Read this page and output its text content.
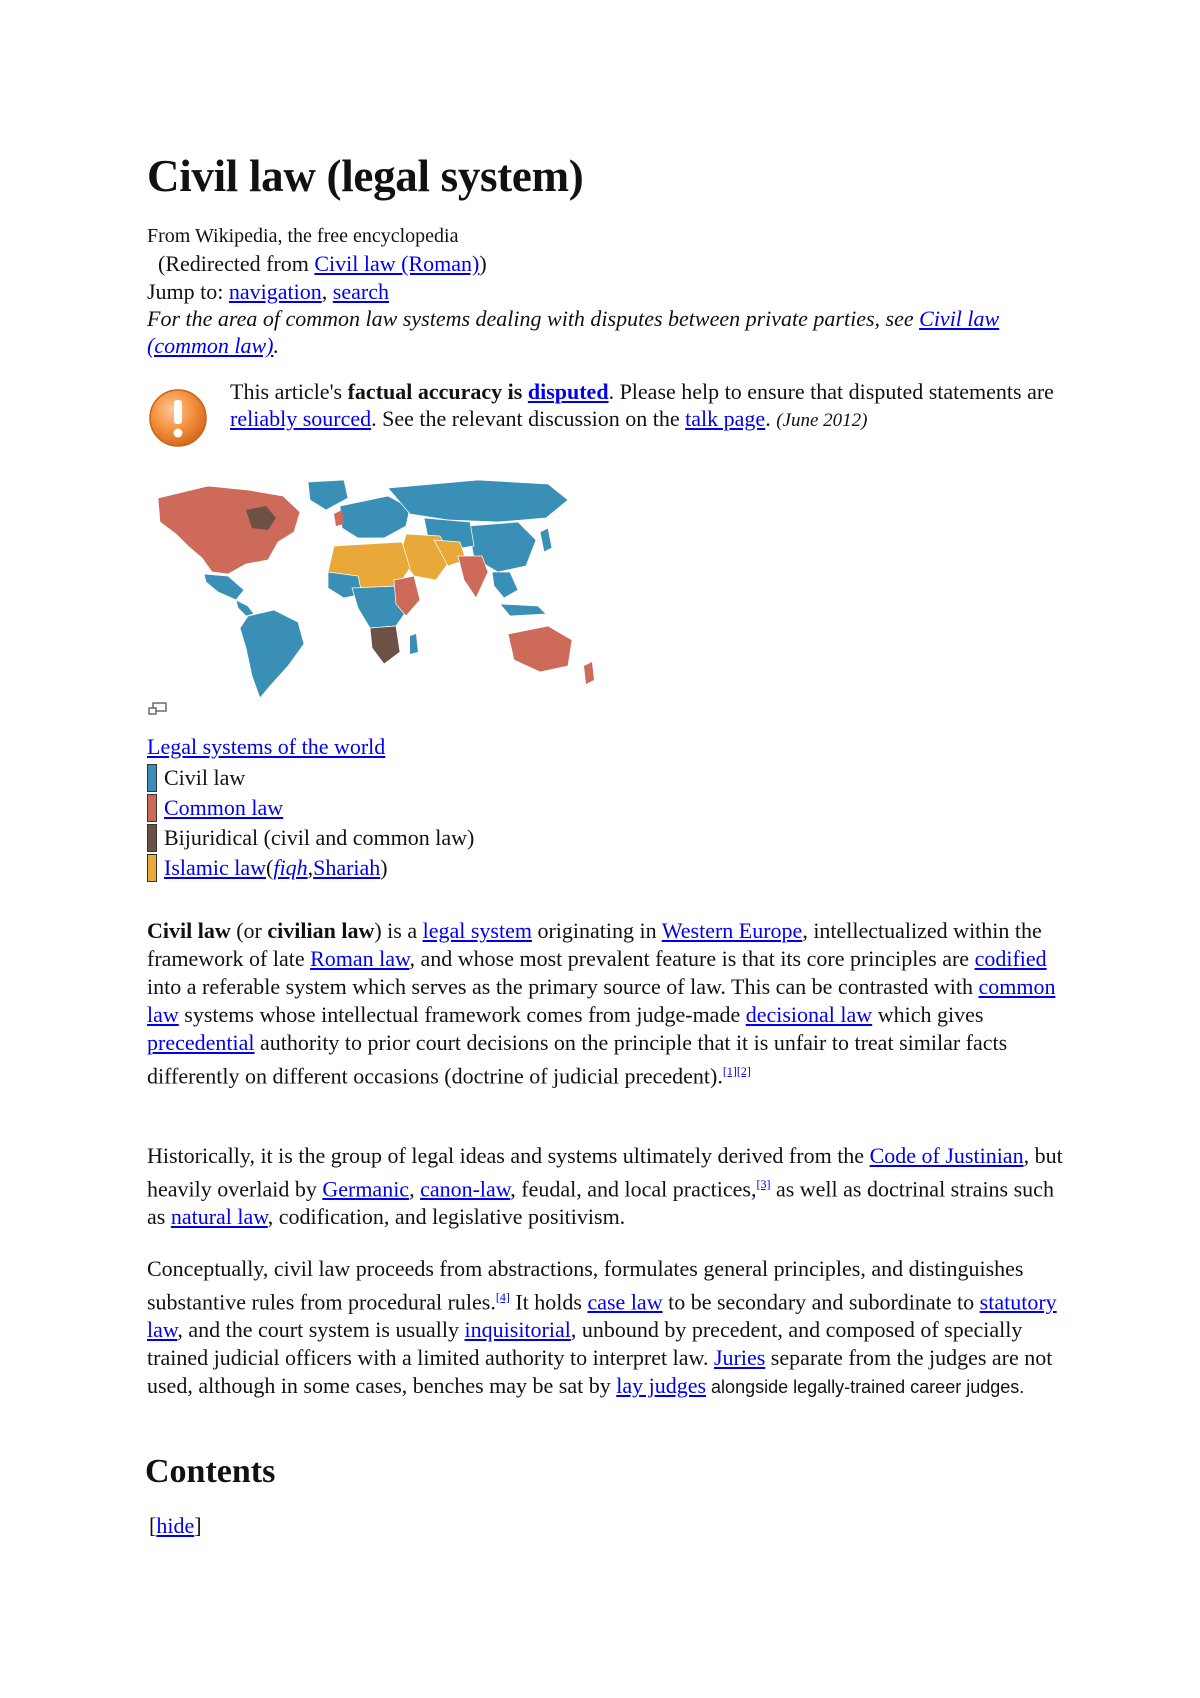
Civil law (legal system)
From Wikipedia, the free encyclopedia
(Redirected from Civil law (Roman))
Jump to: navigation, search
For the area of common law systems dealing with disputes between private parties, see Civil law (common law).
This article's factual accuracy is disputed. Please help to ensure that disputed statements are reliably sourced. See the relevant discussion on the talk page. (June 2012)
Legal systems of the world
Civil law
Common law
Bijuridical (civil and common law)
Islamic law ( fiqh , Shariah )

Civil law (or civilian law) is a legal system originating in Western Europe, intellectualized within the framework of late Roman law, and whose most prevalent feature is that its core principles are codified into a referable system which serves as the primary source of law. This can be contrasted with common law systems whose intellectual framework comes from judge-made decisional law which gives precedential authority to prior court decisions on the principle that it is unfair to treat similar facts differently on different occasions (doctrine of judicial precedent).[1][2]

Historically, it is the group of legal ideas and systems ultimately derived from the Code of Justinian, but heavily overlaid by Germanic, canon-law, feudal, and local practices,[3] as well as doctrinal strains such as natural law, codification, and legislative positivism.

Conceptually, civil law proceeds from abstractions, formulates general principles, and distinguishes substantive rules from procedural rules.[4] It holds case law to be secondary and subordinate to statutory law, and the court system is usually inquisitorial, unbound by precedent, and composed of specially trained judicial officers with a limited authority to interpret law. Juries separate from the judges are not used, although in some cases, benches may be sat by lay judges alongside legally-trained career judges.

Contents
[hide]
